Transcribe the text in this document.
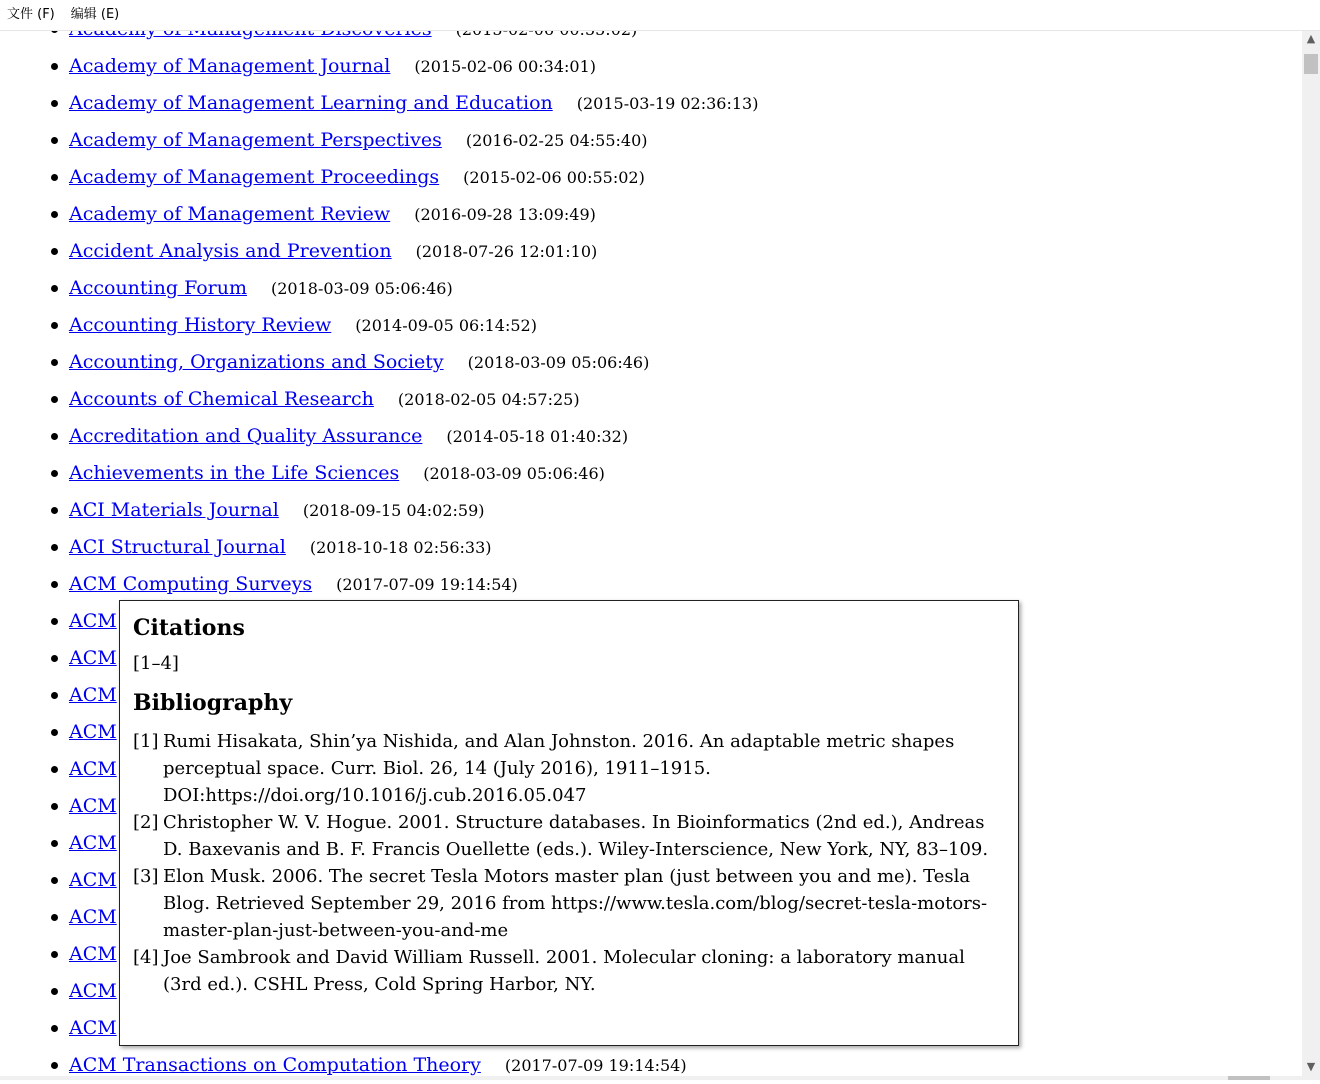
文件 (F)	编辑 (E)
Academy of Management Journal (2015-02-06 00:34:01)
Academy of Management Learning and Education (2015-03-19 02:36:13)
Academy of Management Perspectives (2016-02-25 04:55:40)
Academy of Management Proceedings (2015-02-06 00:55:02)
Academy of Management Review (2016-09-28 13:09:49)
Accident Analysis and Prevention (2018-07-26 12:01:10)
Accounting Forum (2018-03-09 05:06:46)
Accounting History Review (2014-09-05 06:14:52)
Accounting, Organizations and Society (2018-03-09 05:06:46)
Accounts of Chemical Research (2018-02-05 04:57:25)
Accreditation and Quality Assurance (2014-05-18 01:40:32)
Achievements in the Life Sciences (2018-03-09 05:06:46)
ACI Materials Journal (2018-09-15 04:02:59)
ACI Structural Journal (2018-10-18 02:56:33)
ACM Computing Surveys (2017-07-09 19:14:54)
ACM
ACM
ACM
ACM
ACM
ACM
ACM
ACM
ACM
ACM
ACM
ACM
ACM Transactions on Computation Theory (2017-07-09 19:14:54)
Citations
[1–4]
Bibliography
[1] Rumi Hisakata, Shin’ya Nishida, and Alan Johnston. 2016. An adaptable metric shapes perceptual space. Curr. Biol. 26, 14 (July 2016), 1911–1915. DOI:https://doi.org/10.1016/j.cub.2016.05.047
[2] Christopher W. V. Hogue. 2001. Structure databases. In Bioinformatics (2nd ed.), Andreas D. Baxevanis and B. F. Francis Ouellette (eds.). Wiley-Interscience, New York, NY, 83–109.
[3] Elon Musk. 2006. The secret Tesla Motors master plan (just between you and me). Tesla Blog. Retrieved September 29, 2016 from https://www.tesla.com/blog/secret-tesla-motors-master-plan-just-between-you-and-me
[4] Joe Sambrook and David William Russell. 2001. Molecular cloning: a laboratory manual (3rd ed.). CSHL Press, Cold Spring Harbor, NY.
▲
▼
